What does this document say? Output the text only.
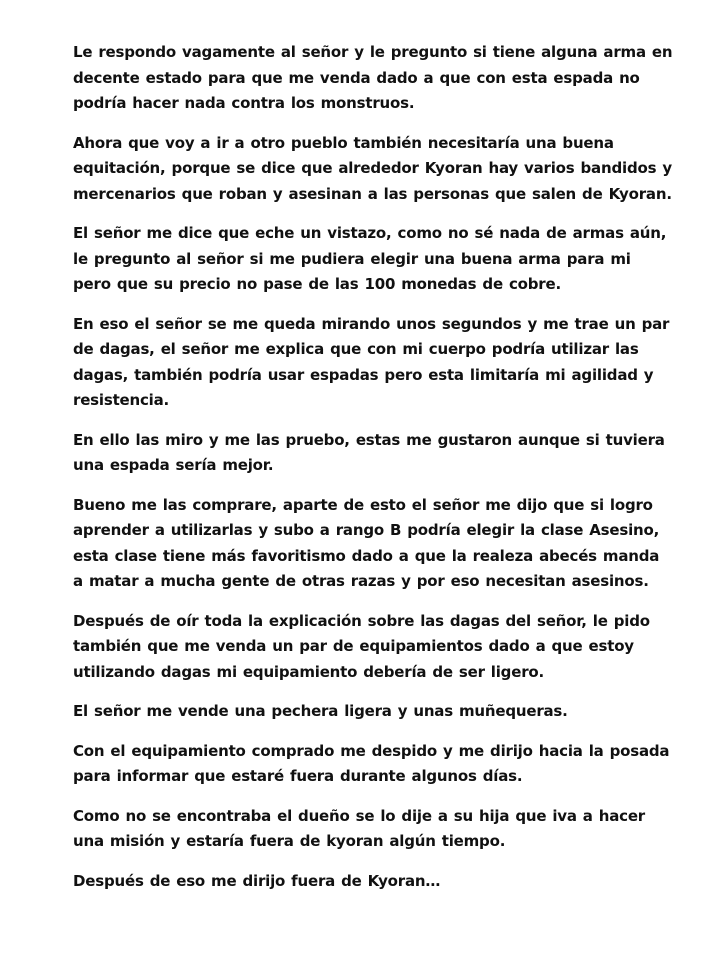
Le respondo vagamente al señor y le pregunto si tiene alguna arma en decente estado para que me venda dado a que con esta espada no podría hacer nada contra los monstruos.

Ahora que voy a ir a otro pueblo también necesitaría una buena equitación, porque se dice que alrededor Kyoran hay varios bandidos y mercenarios que roban y asesinan a las personas que salen de Kyoran.

El señor me dice que eche un vistazo, como no sé nada de armas aún, le pregunto al señor si me pudiera elegir una buena arma para mi pero que su precio no pase de las 100 monedas de cobre.

En eso el señor se me queda mirando unos segundos y me trae un par de dagas, el señor me explica que con mi cuerpo podría utilizar las dagas, también podría usar espadas pero esta limitaría mi agilidad y resistencia.

En ello las miro y me las pruebo, estas me gustaron aunque si tuviera una espada sería mejor.

Bueno me las comprare, aparte de esto el señor me dijo que si logro aprender a utilizarlas y subo a rango B podría elegir la clase Asesino, esta clase tiene más favoritismo dado a que la realeza abecés manda a matar a mucha gente de otras razas y por eso necesitan asesinos.

Después de oír toda la explicación sobre las dagas del señor, le pido también que me venda un par de equipamientos dado a que estoy utilizando dagas mi equipamiento debería de ser ligero.

El señor me vende una pechera ligera y unas muñequeras.

Con el equipamiento comprado me despido y me dirijo hacia la posada para informar que estaré fuera durante algunos días.

Como no se encontraba el dueño se lo dije a su hija que iva a hacer una misión y estaría fuera de kyoran algún tiempo.

Después de eso me dirijo fuera de Kyoran…
